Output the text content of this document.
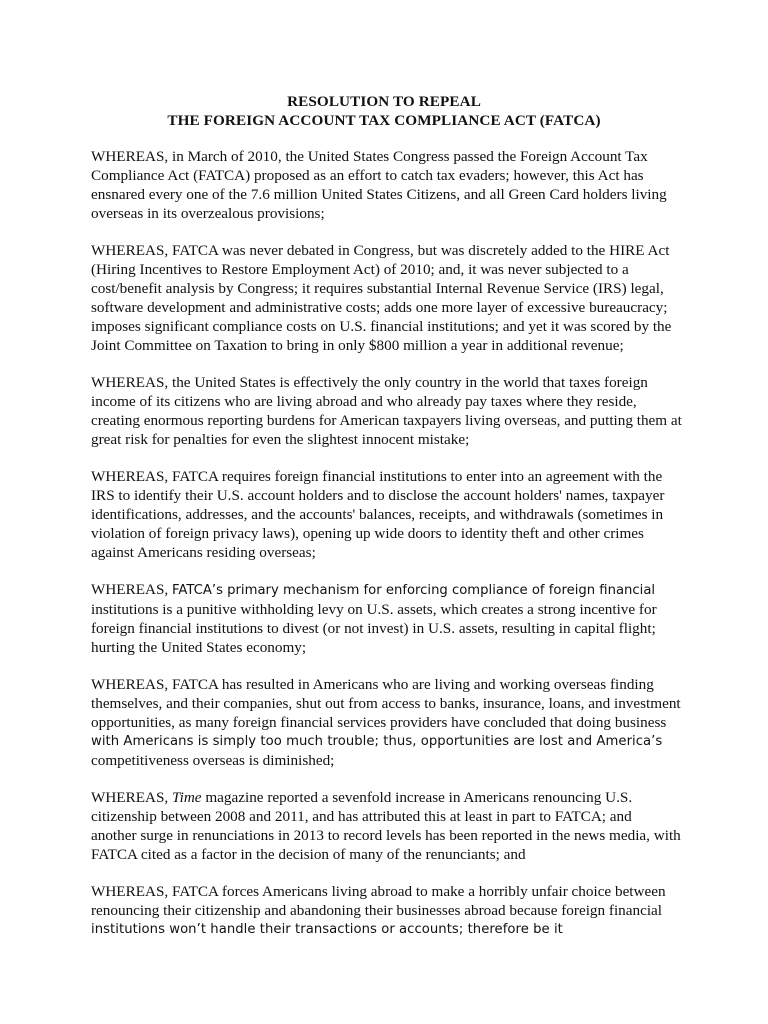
RESOLUTION TO REPEAL
THE FOREIGN ACCOUNT TAX COMPLIANCE ACT (FATCA)
WHEREAS, in March of 2010, the United States Congress passed the Foreign Account Tax
Compliance Act (FATCA) proposed as an effort to catch tax evaders; however, this Act has
ensnared every one of the 7.6 million United States Citizens, and all Green Card holders living
overseas in its overzealous provisions;
WHEREAS, FATCA was never debated in Congress, but was discretely added to the HIRE Act
(Hiring Incentives to Restore Employment Act) of 2010; and, it was never subjected to a
cost/benefit analysis by Congress; it requires substantial Internal Revenue Service (IRS) legal,
software development and administrative costs; adds one more layer of excessive bureaucracy;
imposes significant compliance costs on U.S. financial institutions; and yet it was scored by the
Joint Committee on Taxation to bring in only $800 million a year in additional revenue;
WHEREAS, the United States is effectively the only country in the world that taxes foreign
income of its citizens who are living abroad and who already pay taxes where they reside,
creating enormous reporting burdens for American taxpayers living overseas, and putting them at
great risk for penalties for even the slightest innocent mistake;
WHEREAS, FATCA requires foreign financial institutions to enter into an agreement with the
IRS to identify their U.S. account holders and to disclose the account holders' names, taxpayer
identifications, addresses, and the accounts' balances, receipts, and withdrawals (sometimes in
violation of foreign privacy laws), opening up wide doors to identity theft and other crimes
against Americans residing overseas;
WHEREAS, FATCA’s primary mechanism for enforcing compliance of foreign financial
institutions is a punitive withholding levy on U.S. assets, which creates a strong incentive for
foreign financial institutions to divest (or not invest) in U.S. assets, resulting in capital flight;
hurting the United States economy;
WHEREAS, FATCA has resulted in Americans who are living and working overseas finding
themselves, and their companies, shut out from access to banks, insurance, loans, and investment
opportunities, as many foreign financial services providers have concluded that doing business
with Americans is simply too much trouble; thus, opportunities are lost and America’s
competitiveness overseas is diminished;
WHEREAS, Time magazine reported a sevenfold increase in Americans renouncing U.S.
citizenship between 2008 and 2011, and has attributed this at least in part to FATCA; and
another surge in renunciations in 2013 to record levels has been reported in the news media, with
FATCA cited as a factor in the decision of many of the renunciants; and
WHEREAS, FATCA forces Americans living abroad to make a horribly unfair choice between
renouncing their citizenship and abandoning their businesses abroad because foreign financial
institutions won’t handle their transactions or accounts; therefore be it
